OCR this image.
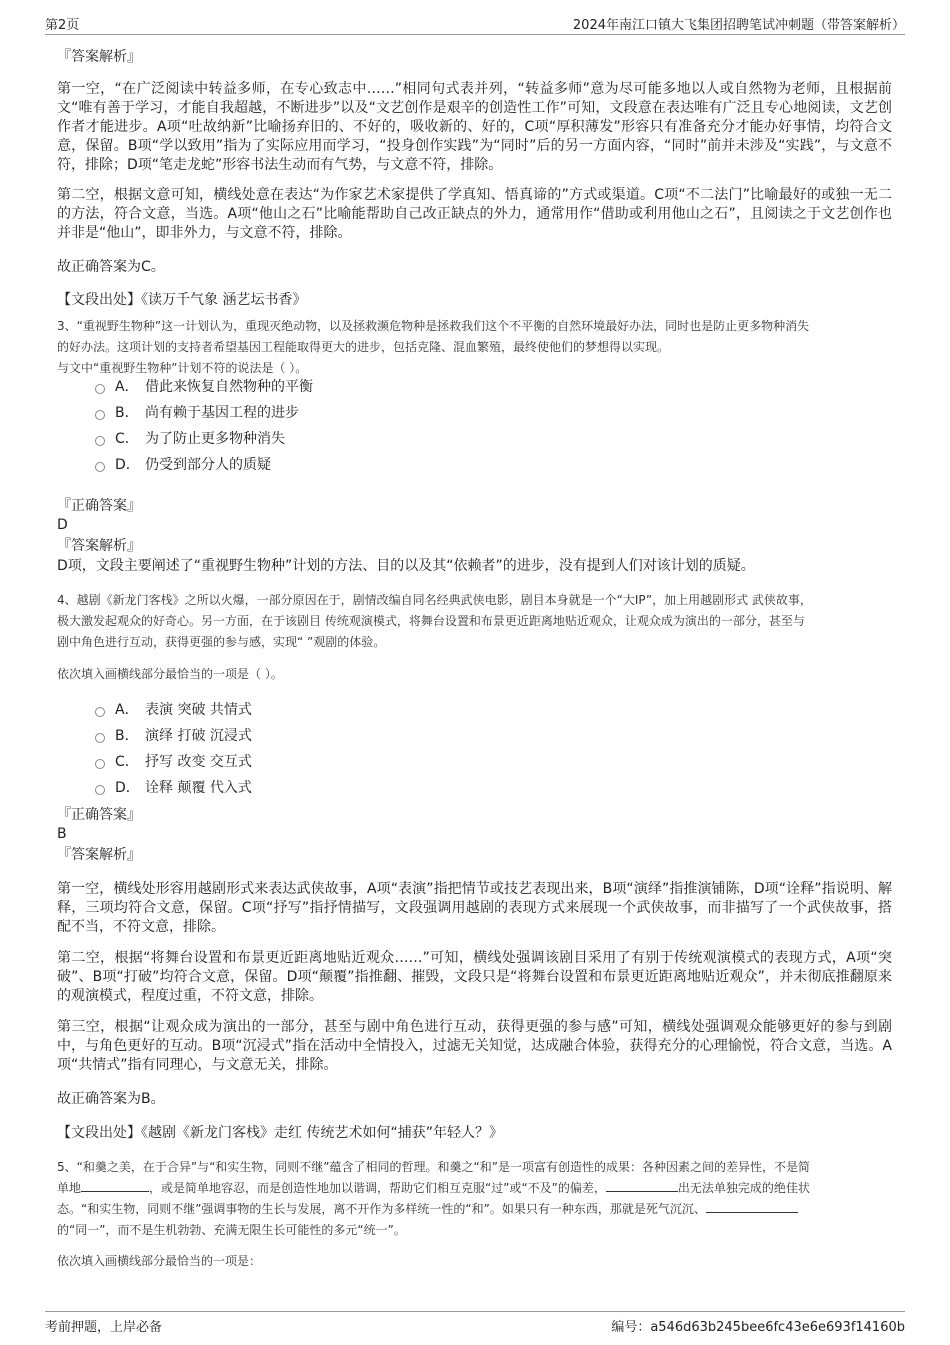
第2页	2024年南江口镇大飞集团招聘笔试冲刺题（带答案解析）
『答案解析』
第一空，“在广泛阅读中转益多师，在专心致志中……”相同句式表并列，“转益多师”意为尽可能多地以人或自然物为老师，且根据前文“唯有善于学习，才能自我超越，不断进步”以及“文艺创作是艰辛的创造性工作”可知，文段意在表达唯有广泛且专心地阅读，文艺创作者才能进步。A项“吐故纳新”比喻扬弃旧的、不好的，吸收新的、好的，C项“厚积薄发”形容只有准备充分才能办好事情，均符合文意，保留。B项“学以致用”指为了实际应用而学习，“投身创作实践”为“同时”后的另一方面内容，“同时”前并未涉及“实践”，与文意不符，排除；D项“笔走龙蛇”形容书法生动而有气势，与文意不符，排除。
第二空，根据文意可知，横线处意在表达“为作家艺术家提供了学真知、悟真谛的”方式或渠道。C项“不二法门”比喻最好的或独一无二的方法，符合文意，当选。A项“他山之石”比喻能帮助自己改正缺点的外力，通常用作“借助或利用他山之石”，且阅读之于文艺创作也并非是“他山”，即非外力，与文意不符，排除。
故正确答案为C。
【文段出处】《读万千气象 涵艺坛书香》
3、“重视野生物种”这一计划认为，重现灭绝动物，以及拯救濒危物种是拯救我们这个不平衡的自然环境最好办法，同时也是防止更多物种消失
的好办法。这项计划的支持者希望基因工程能取得更大的进步，包括克隆、混血繁殖，最终使他们的梦想得以实现。
与文中“重视野生物种”计划不符的说法是（ ）。
A． 借此来恢复自然物种的平衡
B． 尚有赖于基因工程的进步
C． 为了防止更多物种消失
D． 仍受到部分人的质疑
『正确答案』
D
『答案解析』
D项，文段主要阐述了“重视野生物种”计划的方法、目的以及其“依赖者”的进步，没有提到人们对该计划的质疑。
4、越剧《新龙门客栈》之所以火爆，一部分原因在于，剧情改编自同名经典武侠电影，剧目本身就是一个“大IP”，加上用越剧形式 武侠故事，
极大激发起观众的好奇心。另一方面，在于该剧目 传统观演模式，将舞台设置和布景更近距离地贴近观众，让观众成为演出的一部分，甚至与
剧中角色进行互动，获得更强的参与感，实现“ ”观剧的体验。
依次填入画横线部分最恰当的一项是（ ）。
A． 表演 突破 共情式
B． 演绎 打破 沉浸式
C． 抒写 改变 交互式
D． 诠释 颠覆 代入式
『正确答案』
B
『答案解析』
第一空，横线处形容用越剧形式来表达武侠故事，A项“表演”指把情节或技艺表现出来，B项“演绎”指推演铺陈，D项“诠释”指说明、解释，三项均符合文意，保留。C项“抒写”指抒情描写，文段强调用越剧的表现方式来展现一个武侠故事，而非描写了一个武侠故事，搭配不当，不符文意，排除。
第二空，根据“将舞台设置和布景更近距离地贴近观众……”可知，横线处强调该剧目采用了有别于传统观演模式的表现方式，A项“突破”、B项“打破”均符合文意，保留。D项“颠覆”指推翻、摧毁，文段只是“将舞台设置和布景更近距离地贴近观众”，并未彻底推翻原来的观演模式，程度过重，不符文意，排除。
第三空，根据“让观众成为演出的一部分，甚至与剧中角色进行互动，获得更强的参与感”可知，横线处强调观众能够更好的参与到剧中，与角色更好的互动。B项“沉浸式”指在活动中全情投入，过滤无关知觉，达成融合体验，获得充分的心理愉悦，符合文意，当选。A项“共情式”指有同理心，与文意无关，排除。
故正确答案为B。
【文段出处】《越剧《新龙门客栈》走红 传统艺术如何“捕获”年轻人？》
5、“和羹之美，在于合异”与“和实生物，同则不继”蕴含了相同的哲理。和羹之“和”是一项富有创造性的成果：各种因素之间的差异性，不是简
单地	，或是简单地容忍，而是创造性地加以谐调，帮助它们相互克服“过”或“不及”的偏差，	出无法单独完成的绝佳状
态。“和实生物，同则不继”强调事物的生长与发展，离不开作为多样统一性的“和”。如果只有一种东西，那就是死气沉沉、
的“同一”，而不是生机勃勃、充满无限生长可能性的多元“统一”。
依次填入画横线部分最恰当的一项是：
考前押题，上岸必备	编号：a546d63b245bee6fc43e6e693f14160b
